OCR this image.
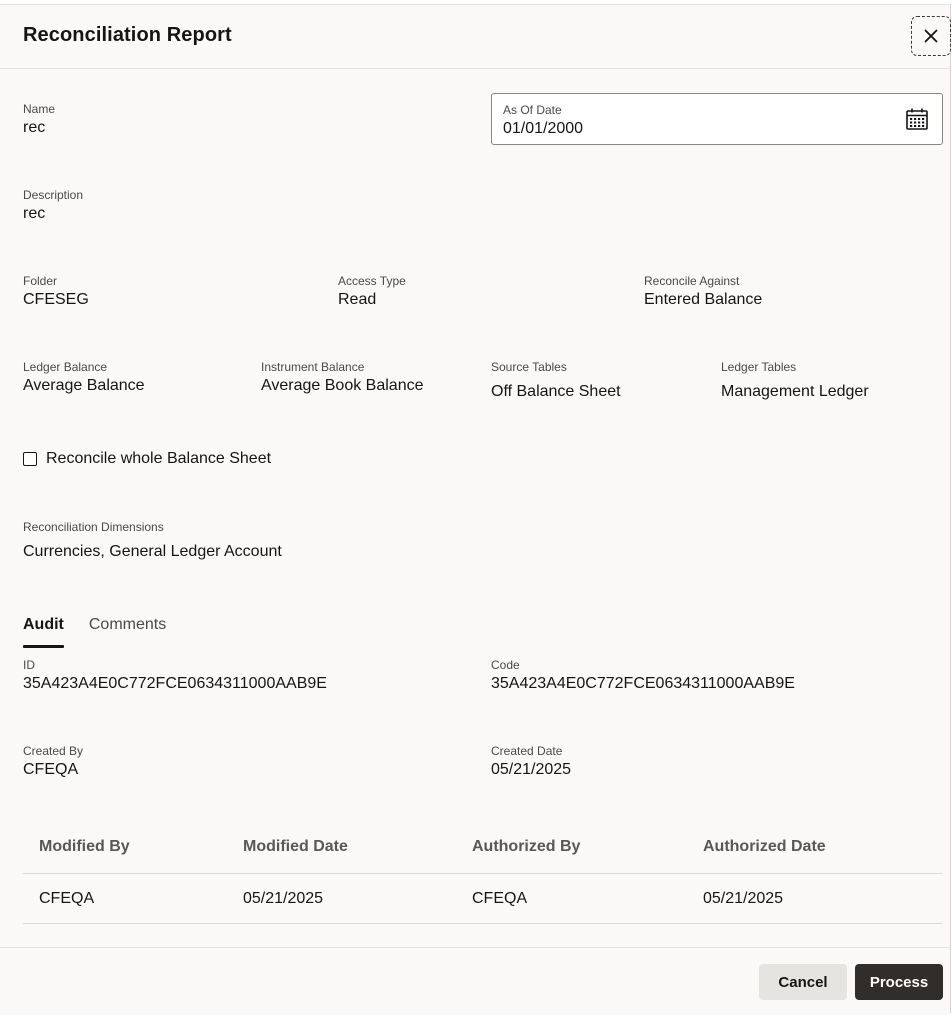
Reconciliation Report
Name
rec
As Of Date
01/01/2000
Description
rec
Folder
CFESEG
Access Type
Read
Reconcile Against
Entered Balance
Ledger Balance
Average Balance
Instrument Balance
Average Book Balance
Source Tables
Off Balance Sheet
Ledger Tables
Management Ledger
Reconcile whole Balance Sheet
Reconciliation Dimensions
Currencies, General Ledger Account
Audit Comments
ID
35A423A4E0C772FCE0634311000AAB9E
Code
35A423A4E0C772FCE0634311000AAB9E
Created By
CFEQA
Created Date
05/21/2025
Modified By	Modified Date	Authorized By	Authorized Date
CFEQA	05/21/2025	CFEQA	05/21/2025
Cancel	Process
